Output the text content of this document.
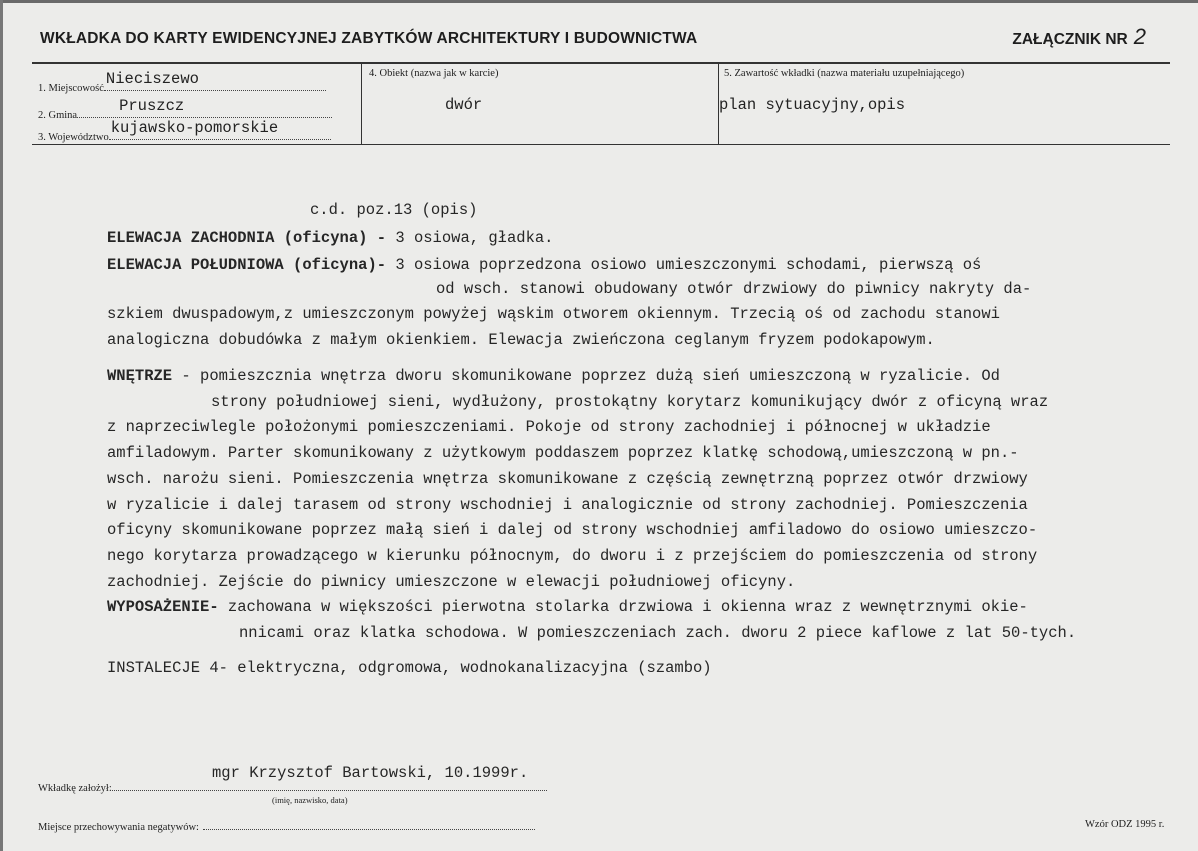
WKŁADKA DO KARTY EWIDENCYJNEJ ZABYTKÓW ARCHITEKTURY I BUDOWNICTWA	ZAŁĄCZNIK NR 2
1. Miejscowość
Nieciszewo
2. Gmina
Pruszcz
3. Województwo
kujawsko-pomorskie
4. Obiekt (nazwa jak w karcie)
dwór
5. Zawartość wkładki (nazwa materiału uzupełniającego)
plan sytuacyjny,opis
c.d. poz.13 (opis)
ELEWACJA ZACHODNIA (oficyna) - 3 osiowa, gładka.
ELEWACJA POŁUDNIOWA (oficyna)- 3 osiowa poprzedzona osiowo umieszczonymi schodami, pierwszą oś
od wsch. stanowi obudowany otwór drzwiowy do piwnicy nakryty da-
szkiem dwuspadowym,z umieszczonym powyżej wąskim otworem okiennym. Trzecią oś od zachodu stanowi
analogiczna dobudówka z małym okienkiem. Elewacja zwieńczona ceglanym fryzem podokapowym.
WNĘTRZE - pomieszcznia wnętrza dworu skomunikowane poprzez dużą sień umieszczoną w ryzalicie. Od
strony południowej sieni, wydłużony, prostokątny korytarz komunikujący dwór z oficyną wraz
z naprzeciwlegle położonymi pomieszczeniami. Pokoje od strony zachodniej i północnej w układzie
amfiladowym. Parter skomunikowany z użytkowym poddaszem poprzez klatkę schodową,umieszczoną w pn.-
wsch. narożu sieni. Pomieszczenia wnętrza skomunikowane z częścią zewnętrzną poprzez otwór drzwiowy
w ryzalicie i dalej tarasem od strony wschodniej i analogicznie od strony zachodniej. Pomieszczenia
oficyny skomunikowane poprzez małą sień i dalej od strony wschodniej amfiladowo do osiowo umieszczo-
nego korytarza prowadzącego w kierunku północnym, do dworu i z przejściem do pomieszczenia od strony
zachodniej. Zejście do piwnicy umieszczone w elewacji południowej oficyny.
WYPOSAŻENIE- zachowana w większości pierwotna stolarka drzwiowa i okienna wraz z wewnętrznymi okie-
nnicami oraz klatka schodowa. W pomieszczeniach zach. dworu 2 piece kaflowe z lat 50-tych.
INSTALECJE 4- elektryczna, odgromowa, wodnokanalizacyjna (szambo)
mgr Krzysztof Bartowski, 10.1999r.
Wkładkę założył:
(imię, nazwisko, data)
Miejsce przechowywania negatywów:	Wzór ODZ 1995 r.
